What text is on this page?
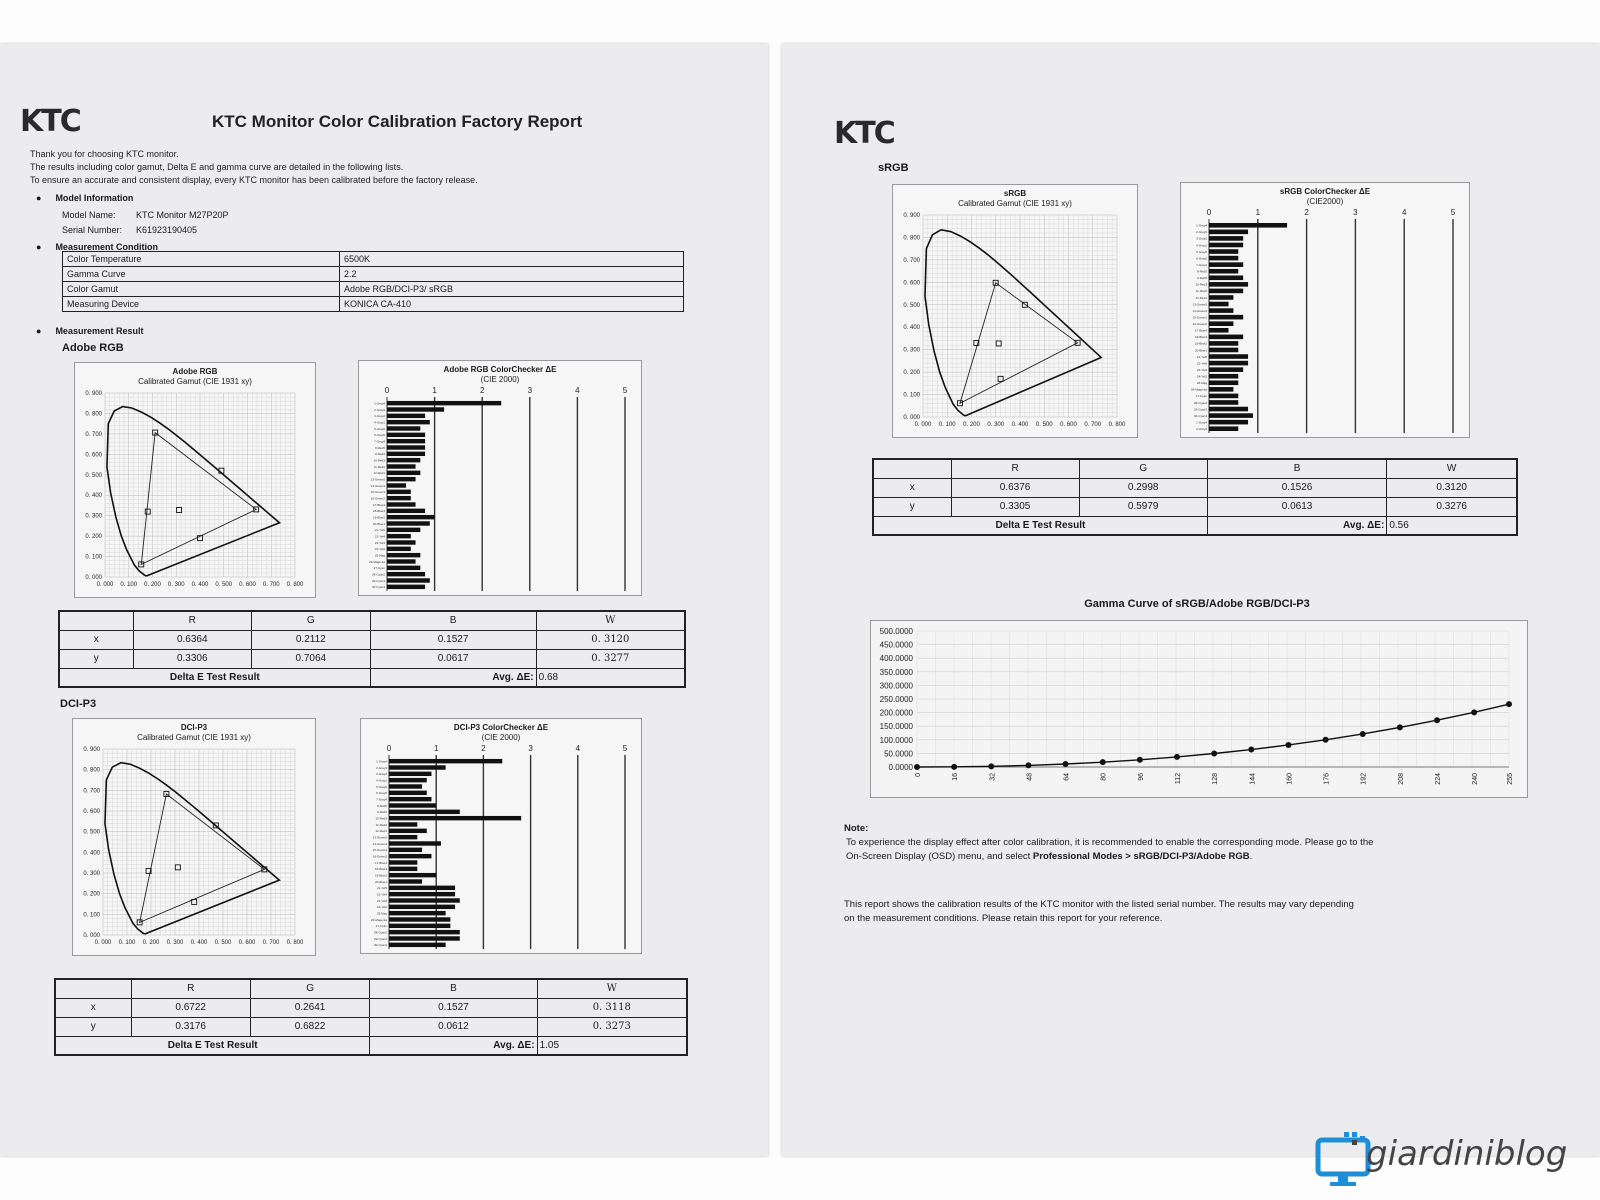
KTC	KTC Monitor Color Calibration Factory Report
Thank you for choosing KTC monitor.
The results including color gamut, Delta E and gamma curve are detailed in the following lists.
To ensure an accurate and consistent display, every KTC monitor has been calibrated before the factory release.
● Model Information
Model Name: KTC Monitor M27P20P
Serial Number: K61923190405
● Measurement Condition
Color Temperature	6500K
Gamma Curve	2.2
Color Gamut	Adobe RGB/DCI-P3/ sRGB
Measuring Device	KONICA CA-410
● Measurement Result
Adobe RGB
Adobe RGB
Calibrated Gamut (CIE 1931 xy)
0. 000 0. 100 0. 200 0. 300 0. 400 0. 500 0. 600 0. 700 0. 800
0. 000
0. 100
0. 200
0. 300
0. 400
0. 500
0. 600
0. 700
0. 800
0. 900
Adobe RGB ColorChecker ΔE
(CIE 2000)
0	1	2	3	4	5
1-Gray4
2-Gray3
3-Gray2
4-Gray1
5-Gray6
6-Gray5
7-Gray4
8-Red5
9-Red4
10-Red3
11-Red2
12-Red1
13-Green5
14-Green4
15-Green3
16-Green2
17-Blue4
18-Blue3
19-Blue2
20-Blue1
21-Yel5
22-Yel4
23-Yel3
24-Yel2
25-Mag
26-Magenta
27-Cyan
28-Cyan2
29-Cyan3
30-Cyan4
	R	G	B	W
x	0.6364	0.2112	0.1527	0. 3120
y	0.3306	0.7064	0.0617	0. 3277
Delta E Test Result			Avg. ΔE:	0.68
DCI-P3
DCI-P3
Calibrated Gamut (CIE 1931 xy)
0. 000 0. 100 0. 200 0. 300 0. 400 0. 500 0. 600 0. 700 0. 800
0. 000
0. 100
0. 200
0. 300
0. 400
0. 500
0. 600
0. 700
0. 800
0. 900
DCI-P3 ColorChecker ΔE
(CIE 2000)
0	1	2	3	4	5
1-Gray4
2-Gray3
3-Gray2
4-Gray1
5-Gray6
6-Gray5
7-Gray4
8-Red5
9-Red4
10-Red3
11-Red2
12-Red1
13-Green5
14-Green4
15-Green3
16-Green2
17-Blue4
18-Blue3
19-Blue2
20-Blue1
21-Yel5
22-Yel4
23-Yel3
24-Yel2
25-Mag
26-Magenta
27-Cyan
28-Cyan2
29-Cyan3
30-Cyan4
	R	G	B	W
x	0.6722	0.2641	0.1527	0. 3118
y	0.3176	0.6822	0.0612	0. 3273
Delta E Test Result			Avg. ΔE:	1.05
KTC
sRGB
sRGB
Calibrated Gamut (CIE 1931 xy)
0. 000 0. 100 0. 200 0. 300 0. 400 0. 500 0. 600 0. 700 0. 800
0. 000
0. 100
0. 200
0. 300
0. 400
0. 500
0. 600
0. 700
0. 800
0. 900
sRGB ColorChecker ΔE
(CIE2000)
0	1	2	3	4	5
1-Gray4
2-Gray3
3-Gray2
4-Gray1
5-Gray6
6-Gray5
7-Gray4
8-Red5
9-Red4
10-Red3
11-Red2
12-Red1
13-Green5
14-Green4
15-Green3
16-Green2
17-Blue4
18-Blue3
19-Blue2
20-Blue1
21-Yel5
22-Yel4
23-Yel3
24-Yel2
25-Mag
26-Magenta
27-Cyan
28-Cyan2
29-Cyan3
30-Cyan4
1-Gray4
2-Gray3
	R	G	B	W
x	0.6376	0.2998	0.1526	0.3120
y	0.3305	0.5979	0.0613	0.3276
Delta E Test Result			Avg. ΔE:	0.56
Gamma Curve of sRGB/Adobe RGB/DCI-P3
0.0000
50.0000
100.0000
150.0000
200.0000
250.0000
300.0000
350.0000
400.0000
450.0000
500.0000
0	16	32	48	64	80	96	112	128	144	160	176	192	208	224	240	255
Note:
To experience the display effect after color calibration, it is recommended to enable the corresponding mode. Please go to the
On-Screen Display (OSD) menu, and select Professional Modes > sRGB/DCI-P3/Adobe RGB.
This report shows the calibration results of the KTC monitor with the listed serial number. The results may vary depending
on the measurement conditions. Please retain this report for your reference.
giardiniblog
